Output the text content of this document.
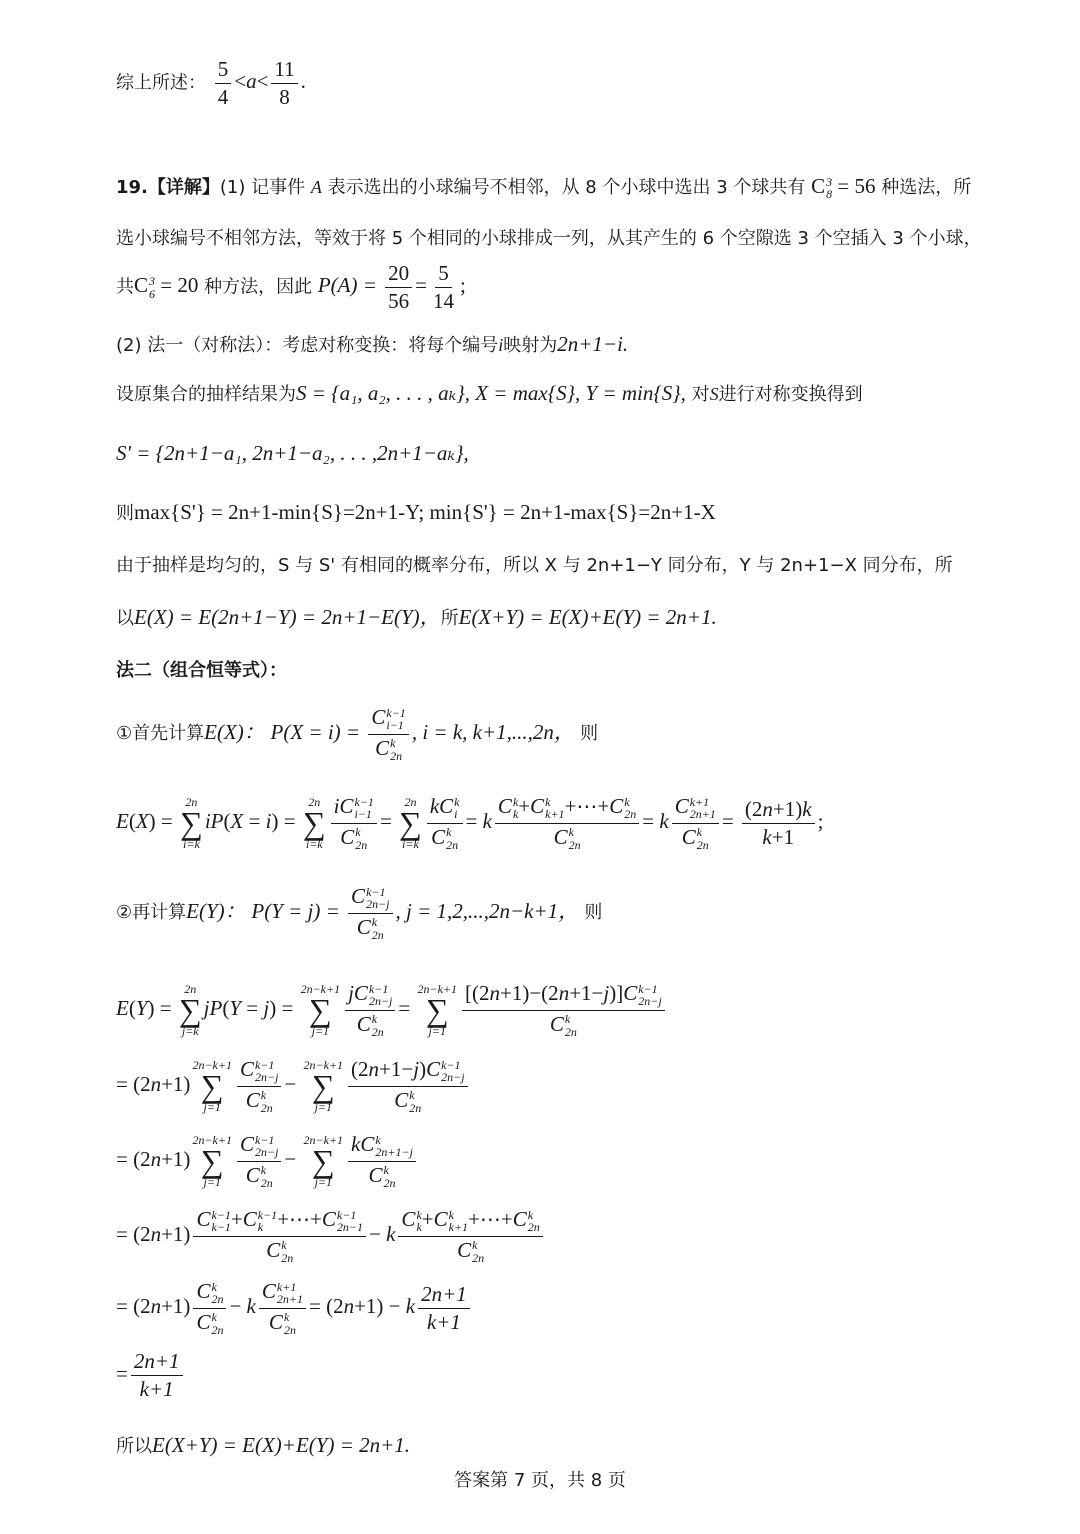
综上所述： $\frac{5}{4} <a< \frac{11}{8}$ .
19.【详解】(1) 记事件 A 表示选出的小球编号不相邻，从 8 个小球中选出 3 个球共有 C 3
8 = 56 种选法，所
选小球编号不相邻方法，等效于将 5 个相同的小球排成一列，从其产生的 6 个空隙选 3 个空插入 3 个小球，
共C 3
6 = 20 种方法，因此 $P(A) = \frac{20}{56} = \frac{5}{14}$ ;
(2) 法一（对称法）：考虑对称变换：将每个编号i映射为2n+1−i.
设原集合的抽样结果为S = {a₁, a₂, . . . , aₖ}, X = max{S}, Y = min{S}, 对S进行对称变换得到
S' = {2n+1−a₁, 2n+1−a₂, . . . ,2n+1−aₖ},
则max{S'} = 2n+1-min{S}=2n+1-Y; min{S'} = 2n+1-max{S}=2n+1-X
由于抽样是均匀的，S 与 S' 有相同的概率分布，所以 X 与 2n+1−Y 同分布，Y 与 2n+1−X 同分布，所
以E(X) = E(2n+1−Y) = 2n+1−E(Y)，所E(X+Y) = E(X)+E(Y) = 2n+1.
法二（组合恒等式）：
①首先计算E(X)： P(X = i) = C k−1
i−1
C k
2n , i = k, k+1,...,2n， 则
E(X) =
2n
∑
i=k
iP(X = i) =
2n
∑
i=k iC k−1
i−1
C k
2n =
2n
∑
i=k kC k
i
C k
2n = k C k
k +C k
k+1 +⋯+C k
2n
C k
2n = k C k+1
2n+1
C k
$2n = \frac{(2n+1)k}{k+1}$ ;
②再计算E(Y)： P(Y = j) = C k−1
2n−j
C k
2n , j = 1,2,...,2n−k+1， 则
E(Y) =
2n
∑
j=k
jP(Y = j) =
2n−k+1
∑
j=1 jC k−1
2n−j
C k
2n =
2n−k+1
∑
j=1 [(2n+1)−(2n+1−j)]C k−1
2n−j
C k
2n
= (2n+1)
2n−k+1
∑
j=1 C k−1
2n−j
C k
2n −
2n−k+1
∑
j=1 (2n+1−j)C k−1
2n−j
C k
2n
= (2n+1)
2n−k+1
∑
j=1 C k−1
2n−j
C k
2n −
2n−k+1
∑
j=1 kC k
2n+1−j
C k
2n
= (2n+1) C k−1
k−1 +C k−1
k +⋯+C k−1
2n−1
C k
2n − k C k
k +C k
k+1 +⋯+C k
2n
C k
2n
= (2n+1) C k
2n
C k
2n − k C k+1
2n+1
C k
2n = (2n+1) − k $\frac{2n+1}{k+1}$
= $\frac{2n+1}{k+1}$
所以E(X+Y) = E(X)+E(Y) = 2n+1.
答案第 7 页，共 8 页
